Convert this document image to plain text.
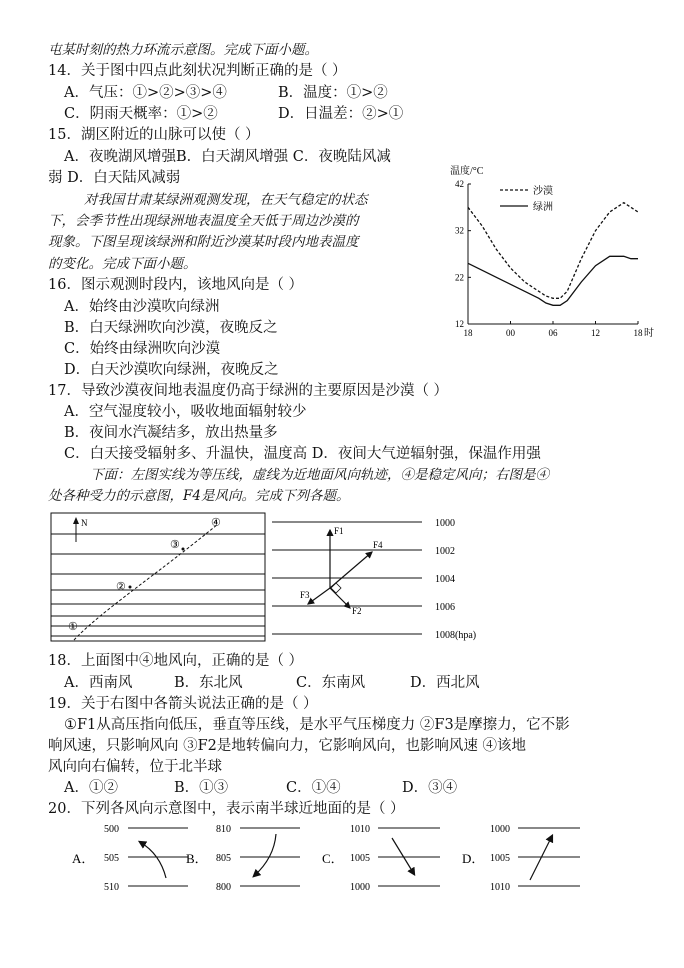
屯某时刻的热力环流示意图。完成下面小题。
14．关于图中四点此刻状况判断正确的是（ ）
A．气压：①>②>③>④	B．温度：①>②
C．阴雨天概率：①>②	D．日温差：②>①
15．湖区附近的山脉可以使（ ）
A．夜晚湖风增强B．白天湖风增强 C．夜晚陆风减
弱 D．白天陆风减弱
对我国甘肃某绿洲观测发现，在天气稳定的状态
下，会季节性出现绿洲地表温度全天低于周边沙漠的
现象。下图呈现该绿洲和附近沙漠某时段内地表温度
的变化。完成下面小题。
16．图示观测时段内，该地风向是（ ）
A．始终由沙漠吹向绿洲
B．白天绿洲吹向沙漠，夜晚反之
C．始终由绿洲吹向沙漠
D．白天沙漠吹向绿洲，夜晚反之
17．导致沙漠夜间地表温度仍高于绿洲的主要原因是沙漠（ ）
A．空气湿度较小，吸收地面辐射较少
B．夜间水汽凝结多，放出热量多
C．白天接受辐射多、升温快，温度高 D．夜间大气逆辐射强，保温作用强
下面：左图实线为等压线，虚线为近地面风向轨迹，④是稳定风向；右图是④
处各种受力的示意图，F4是风向。完成下列各题。
18．上面图中④地风向，正确的是（ ）
A．西南风	B．东北风	C．东南风	D．西北风
19．关于右图中各箭头说法正确的是（ ）
①F1从高压指向低压，垂直等压线，是水平气压梯度力 ②F3是摩擦力，它不影
响风速，只影响风向 ③F2是地转偏向力，它影响风向，也影响风速 ④该地
风向向右偏转，位于北半球
A．①②	B．①③	C．①④	D．③④
20．下列各风向示意图中，表示南半球近地面的是（ ）
温度/°C
12
22
32
42
18	00	06	12	18 时
沙漠
绿洲
N
①
②
③
④	1000
1002
1004
1006
1008(hpa)
F1
F2
F3
F4
A．
500
505
510
B．
810
805
800
C．
1010
1005
1000
D．
1000
1005
1010
